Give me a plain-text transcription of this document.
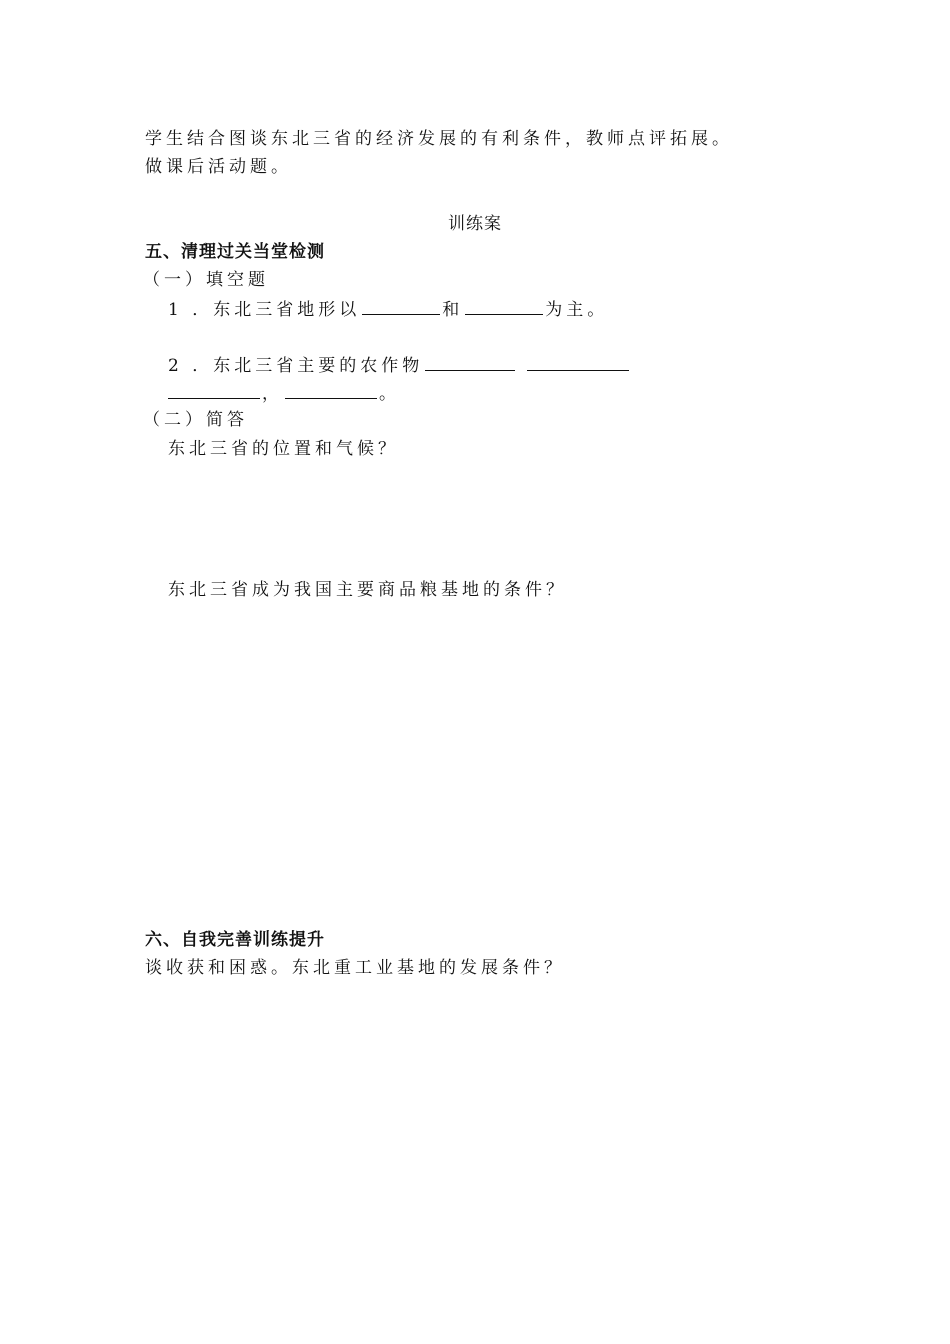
学生结合图谈东北三省的经济发展的有利条件，教师点评拓展。
做课后活动题。
训练案
五、清理过关当堂检测
（一）填空题
1 ．东北三省地形以	和	为主。
2 ．东北三省主要的农作物
，	。
（二）简答
东北三省的位置和气候？
东北三省成为我国主要商品粮基地的条件？
六、自我完善训练提升
谈收获和困惑。东北重工业基地的发展条件？
